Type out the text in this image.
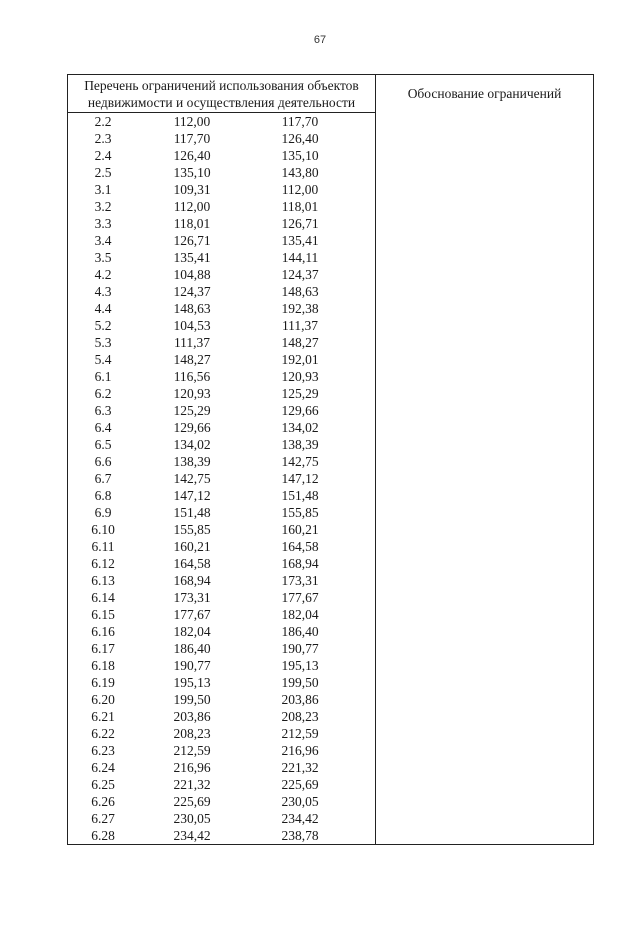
67
Перечень ограничений использования объектов
недвижимости и осуществления деятельности
Обоснование ограничений
2.2	112,00	117,70
2.3	117,70	126,40
2.4	126,40	135,10
2.5	135,10	143,80
3.1	109,31	112,00
3.2	112,00	118,01
3.3	118,01	126,71
3.4	126,71	135,41
3.5	135,41	144,11
4.2	104,88	124,37
4.3	124,37	148,63
4.4	148,63	192,38
5.2	104,53	111,37
5.3	111,37	148,27
5.4	148,27	192,01
6.1	116,56	120,93
6.2	120,93	125,29
6.3	125,29	129,66
6.4	129,66	134,02
6.5	134,02	138,39
6.6	138,39	142,75
6.7	142,75	147,12
6.8	147,12	151,48
6.9	151,48	155,85
6.10	155,85	160,21
6.11	160,21	164,58
6.12	164,58	168,94
6.13	168,94	173,31
6.14	173,31	177,67
6.15	177,67	182,04
6.16	182,04	186,40
6.17	186,40	190,77
6.18	190,77	195,13
6.19	195,13	199,50
6.20	199,50	203,86
6.21	203,86	208,23
6.22	208,23	212,59
6.23	212,59	216,96
6.24	216,96	221,32
6.25	221,32	225,69
6.26	225,69	230,05
6.27	230,05	234,42
6.28	234,42	238,78
